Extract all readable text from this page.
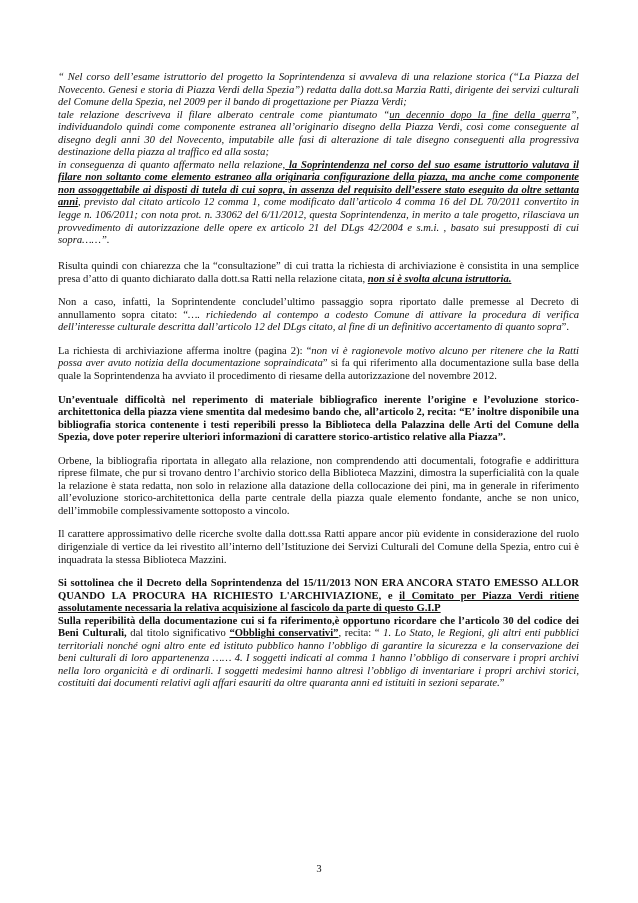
“ Nel corso dell’esame istruttorio del progetto la Soprintendenza si avvaleva di una relazione storica (“La Piazza del Novecento. Genesi e storia di Piazza Verdi della Spezia”) redatta dalla dott.sa Marzia Ratti, dirigente dei servizi culturali del Comune della Spezia, nel 2009 per il bando di progettazione per Piazza Verdi;
tale relazione descriveva il filare alberato centrale come piantumato “un decennio dopo la fine della guerra”, individuandolo quindi come componente estranea all’originario disegno della Piazza Verdi, così come conseguente al disegno degli anni 30 del Novecento, imputabile alle fasi di alterazione di tale disegno conseguenti alla progressiva destinazione della piazza al traffico ed alla sosta;
in conseguenza di quanto affermato nella relazione, la Soprintendenza nel corso del suo esame istruttorio valutava il filare non soltanto come elemento estraneo alla originaria configurazione della piazza, ma anche come componente non assoggettabile ai disposti di tutela di cui sopra, in assenza del requisito dell’essere stato eseguito da oltre settanta anni, previsto dal citato articolo 12 comma 1, come modificato dall’articolo 4 comma 16 del DL 70/2011 convertito in legge n. 106/2011; con nota prot. n. 33062 del 6/11/2012, questa Soprintendenza, in merito a tale progetto, rilasciava un provvedimento di autorizzazione delle opere ex articolo 21 del DLgs 42/2004 e s.m.i. , basato sui presupposti di cui sopra……”.

Risulta quindi con chiarezza che la “consultazione” di cui tratta la richiesta di archiviazione è consistita in una semplice presa d’atto di quanto dichiarato dalla dott.sa Ratti nella relazione citata, non si è svolta alcuna istruttoria.

Non a caso, infatti, la Soprintendente concludel’ultimo passaggio sopra riportato dalle premesse al Decreto di annullamento sopra citato: “…. richiedendo al contempo a codesto Comune di attivare la procedura di verifica dell’interesse culturale descritta dall’articolo 12 del DLgs citato, al fine di un definitivo accertamento di quanto sopra”.

La richiesta di archiviazione afferma inoltre (pagina 2): “non vi è ragionevole motivo alcuno per ritenere che la Ratti possa aver avuto notizia della documentazione sopraindicata” si fa qui riferimento alla documentazione sulla base della quale la Soprintendenza ha avviato il procedimento di riesame della autorizzazione del novembre 2012.

Un’eventuale difficoltà nel reperimento di materiale bibliografico inerente l’origine e l’evoluzione storico-architettonica della piazza viene smentita dal medesimo bando che, all’articolo 2, recita: “E’ inoltre disponibile una bibliografia storica contenente i testi reperibili presso la Biblioteca della Palazzina delle Arti del Comune della Spezia, dove poter reperire ulteriori informazioni di carattere storico-artistico relative alla Piazza”.

Orbene, la bibliografia riportata in allegato alla relazione, non comprendendo atti documentali, fotografie e addirittura riprese filmate, che pur si trovano dentro l’archivio storico della Biblioteca Mazzini, dimostra la superficialità con la quale la relazione è stata redatta, non solo in relazione alla datazione della collocazione dei pini, ma in generale in riferimento all’evoluzione storico-architettonica della parte centrale della piazza quale elemento fondante, anche se non unico, dell’immobile complessivamente sottoposto a vincolo.

Il carattere approssimativo delle ricerche svolte dalla dott.ssa Ratti appare ancor più evidente in considerazione del ruolo dirigenziale di vertice da lei rivestito all’interno dell’Istituzione dei Servizi Culturali del Comune della Spezia, entro cui è inquadrata la stessa Biblioteca Mazzini.

Si sottolinea che il Decreto della Soprintendenza del 15/11/2013 NON ERA ANCORA STATO EMESSO ALLOR QUANDO LA PROCURA HA RICHIESTO L'ARCHIVIAZIONE, e il Comitato per Piazza Verdi ritiene assolutamente necessaria la relativa acquisizione al fascicolo da parte di questo G.I.P

Sulla reperibilità della documentazione cui si fa riferimento,è opportuno ricordare che l’articolo 30 del codice dei Beni Culturali, dal titolo significativo “Obblighi conservativi”, recita: “ 1. Lo Stato, le Regioni, gli altri enti pubblici territoriali nonché ogni altro ente ed istituto pubblico hanno l’obbligo di garantire la sicurezza e la conservazione dei beni culturali di loro appartenenza …… 4. I soggetti indicati al comma 1 hanno l’obbligo di conservare i propri archivi nella loro organicità e di ordinarli. I soggetti medesimi hanno altresì l’obbligo di inventariare i propri archivi storici, costituiti dai documenti relativi agli affari esauriti da oltre quaranta anni ed istituiti in sezioni separate.”

3
